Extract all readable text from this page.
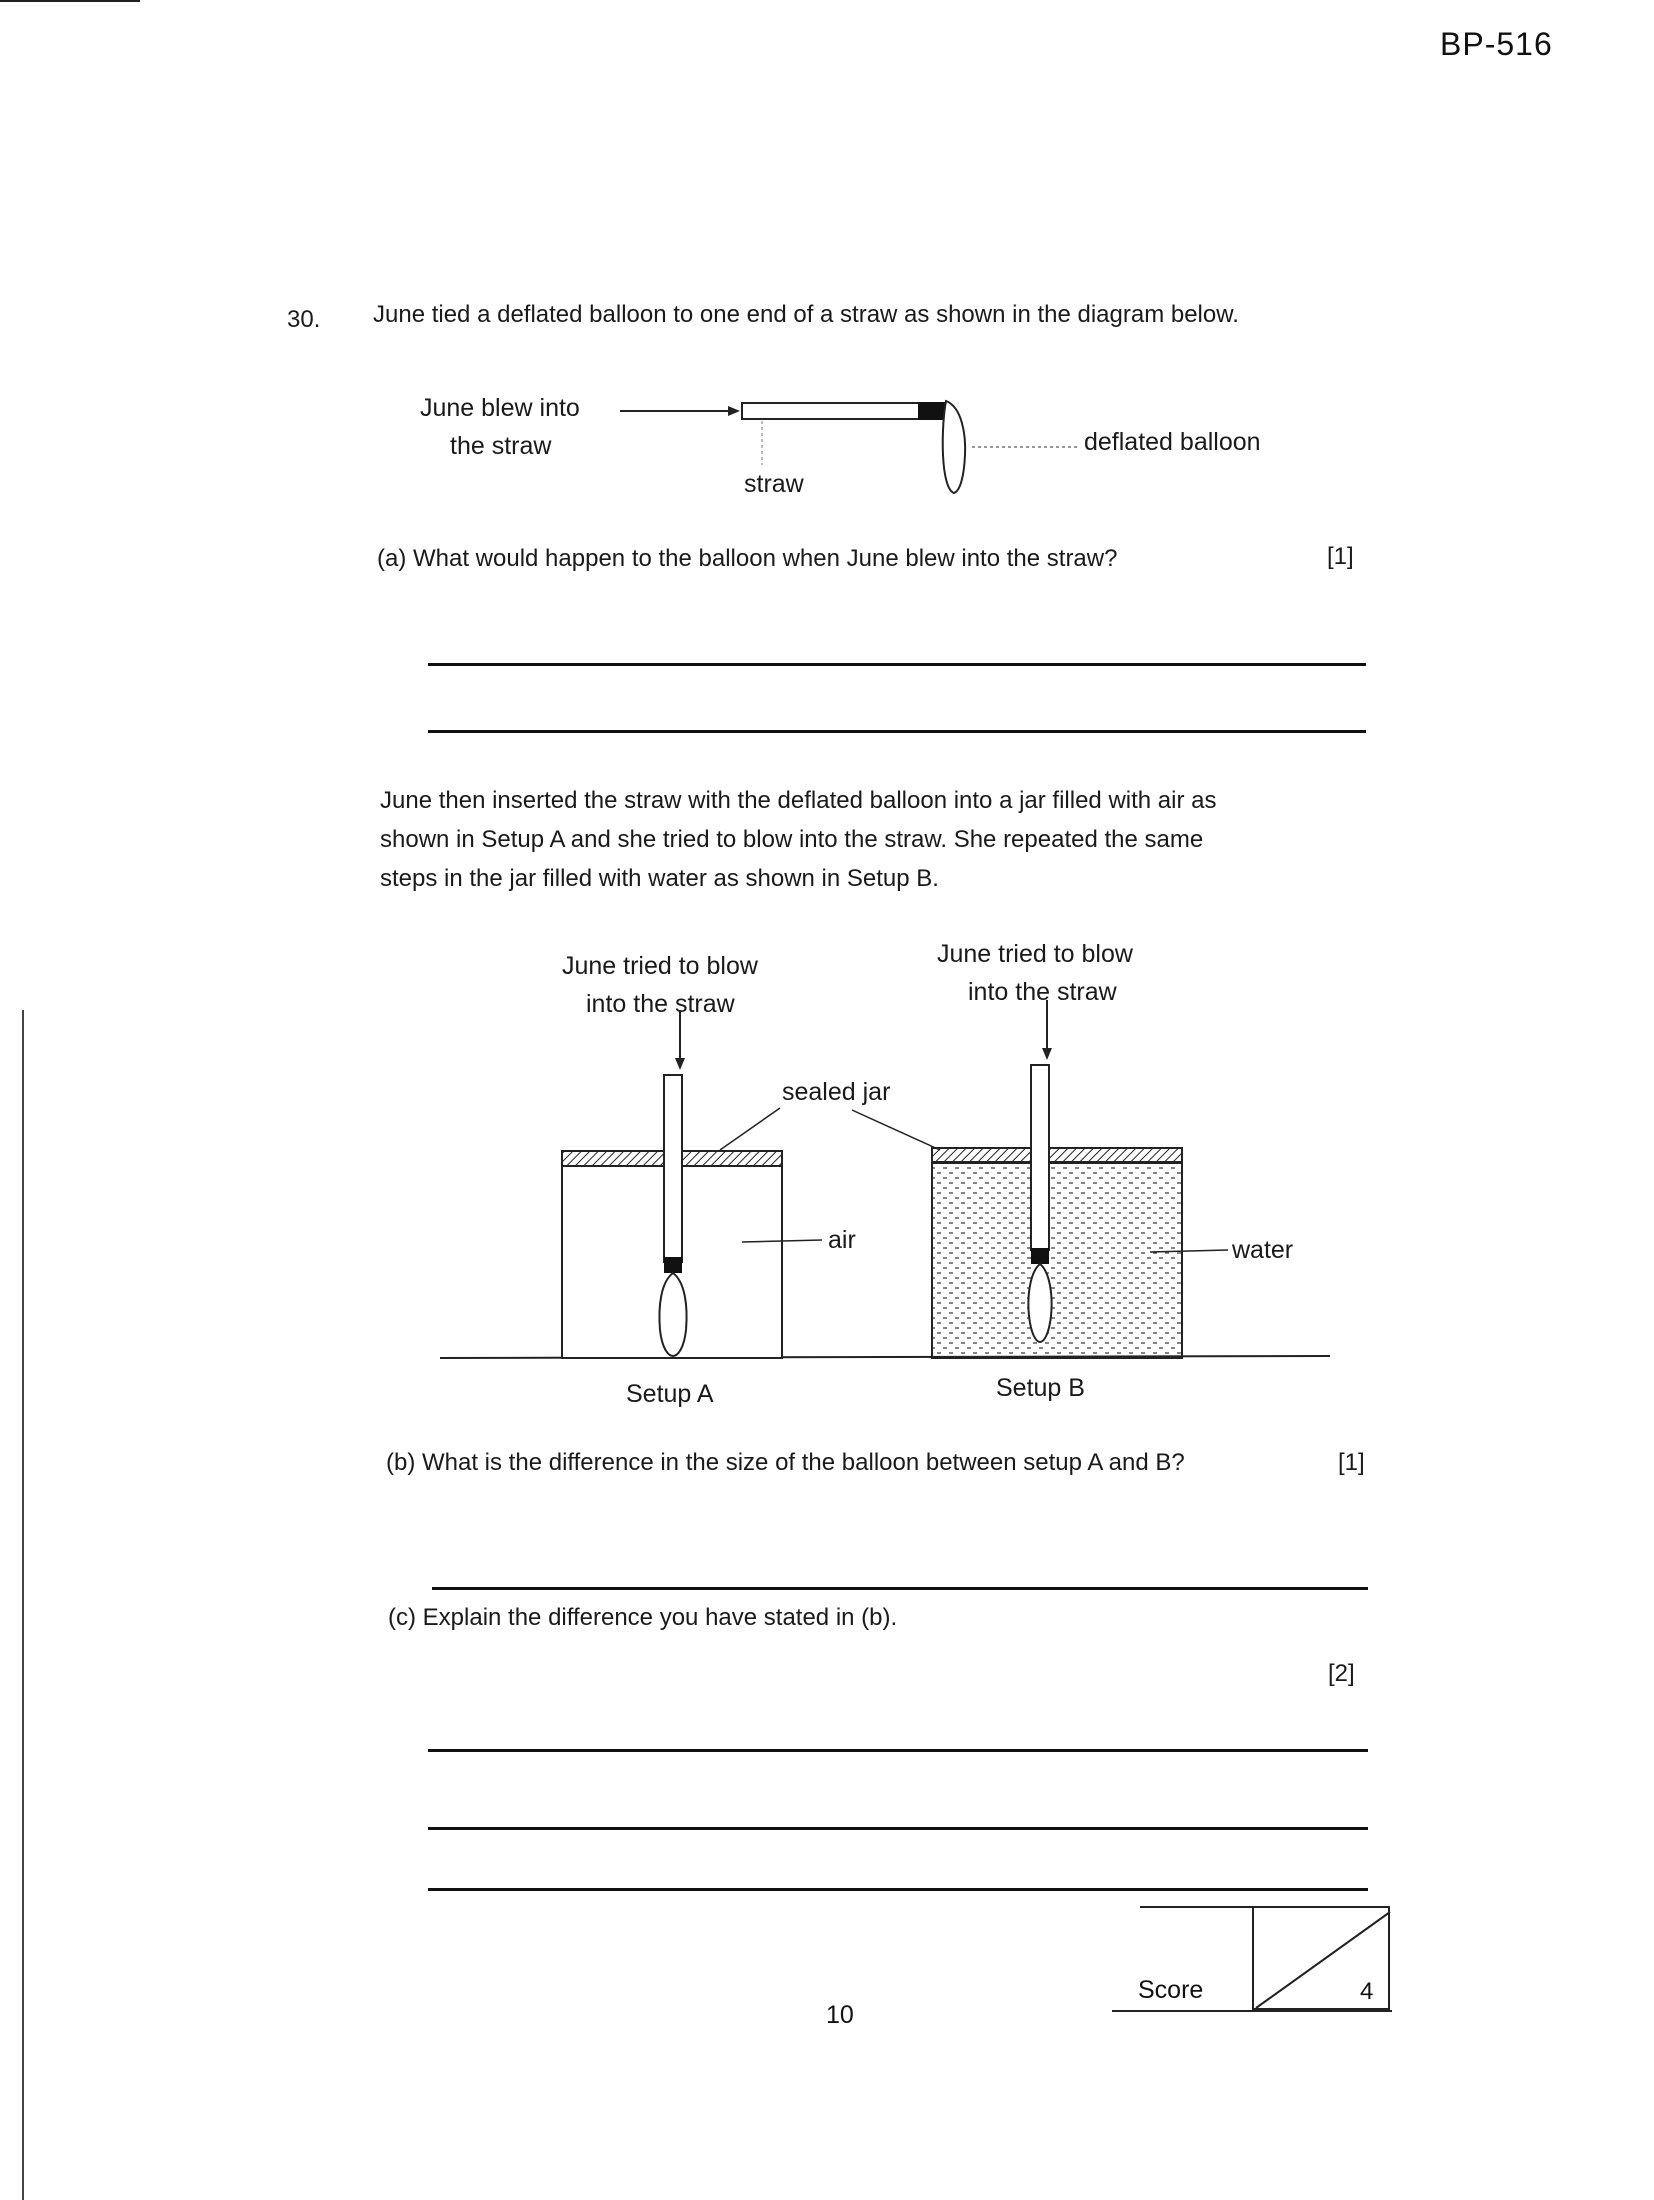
BP-516
30. June tied a deflated balloon to one end of a straw as shown in the diagram below.
June blew into
the straw
straw
deflated balloon
(a) What would happen to the balloon when June blew into the straw?	[1]
June then inserted the straw with the deflated balloon into a jar filled with air as
shown in Setup A and she tried to blow into the straw. She repeated the same
steps in the jar filled with water as shown in Setup B.
June tried to blow
into the straw
June tried to blow
into the straw
sealed jar
air	water
Setup A	Setup B
(b) What is the difference in the size of the balloon between setup A and B?	[1]
(c) Explain the difference you have stated in (b).
[2]
4
Score
10
